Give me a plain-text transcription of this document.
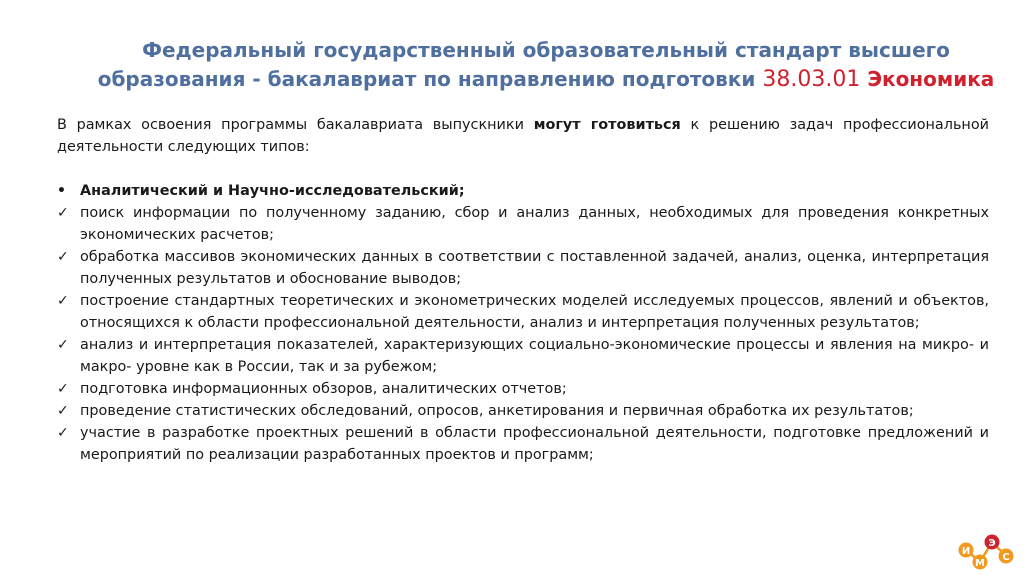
Федеральный государственный образовательный стандарт высшего
образования - бакалавриат по направлению подготовки 38.03.01 Экономика

В рамках освоения программы бакалавриата выпускники могут готовиться к решению задач профессиональной деятельности следующих типов:

• Аналитический и Научно-исследовательский;

✓ поиск информации по полученному заданию, сбор и анализ данных, необходимых для проведения конкретных экономических расчетов;

✓ обработка массивов экономических данных в соответствии с поставленной задачей, анализ, оценка, интерпретация полученных результатов и обоснование выводов;

✓ построение стандартных теоретических и эконометрических моделей исследуемых процессов, явлений и объектов, относящихся к области профессиональной деятельности, анализ и интерпретация полученных результатов;

✓ анализ и интерпретация показателей, характеризующих социально-экономические процессы и явления на микро- и макро- уровне как в России, так и за рубежом;

✓ подготовка информационных обзоров, аналитических отчетов;

✓ проведение статистических обследований, опросов, анкетирования и первичная обработка их результатов;

✓ участие в разработке проектных решений в области профессиональной деятельности, подготовке предложений и мероприятий по реализации разработанных проектов и программ;

И
М
Э
С
